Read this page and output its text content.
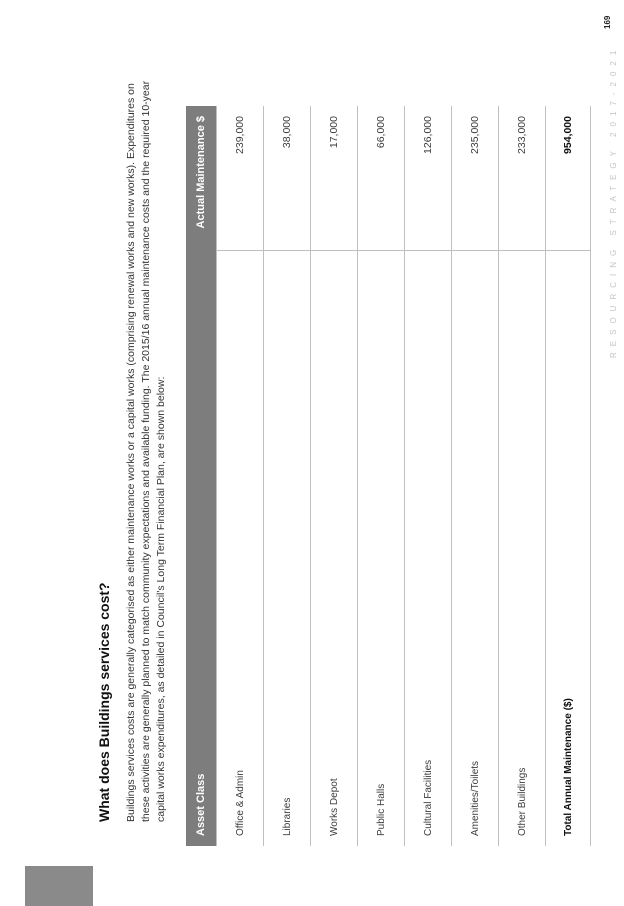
What does Buildings services cost? Buildings services costs are generally categorised as either maintenance works or a capital works (comprising renewal works and new works). Expenditures on these activities are generally planned to match community expectations and available funding. The 2015/16 annual maintenance costs and the required 10-year capital works expenditures, as detailed in Council's Long Term Financial Plan, are shown below:	Asset Class		Actual Maintenance $
Office & Admin		239,000
Libraries		38,000
Works Depot		17,000
Public Halls		66,000
Cultural Facilities		126,000
Amenities/Toilets		235,000
Other Buildings		233,000
Total Annual Maintenance ($)		954,000	RESOURCING STRATEGY 2017-2021
169
